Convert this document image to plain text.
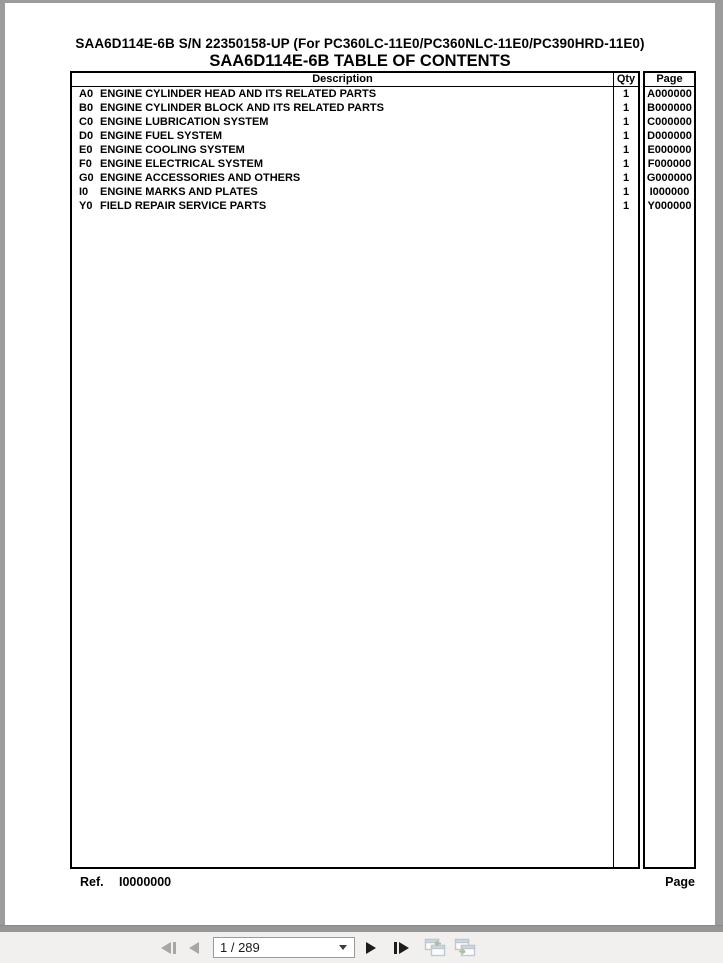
SAA6D114E-6B S/N 22350158-UP (For PC360LC-11E0/PC360NLC-11E0/PC390HRD-11E0)
SAA6D114E-6B TABLE OF CONTENTS
Description
A0 ENGINE CYLINDER HEAD AND ITS RELATED PARTS
B0 ENGINE CYLINDER BLOCK AND ITS RELATED PARTS
C0 ENGINE LUBRICATION SYSTEM
D0 ENGINE FUEL SYSTEM
E0 ENGINE COOLING SYSTEM
F0 ENGINE ELECTRICAL SYSTEM
G0 ENGINE ACCESSORIES AND OTHERS
I0 ENGINE MARKS AND PLATES
Y0 FIELD REPAIR SERVICE PARTS
Qty
1
1
1
1
1
1
1
1
1
Page
A000000
B000000
C000000
D000000
E000000
F000000
G000000
I000000
Y000000
Ref. I0000000	Page
1 / 289
